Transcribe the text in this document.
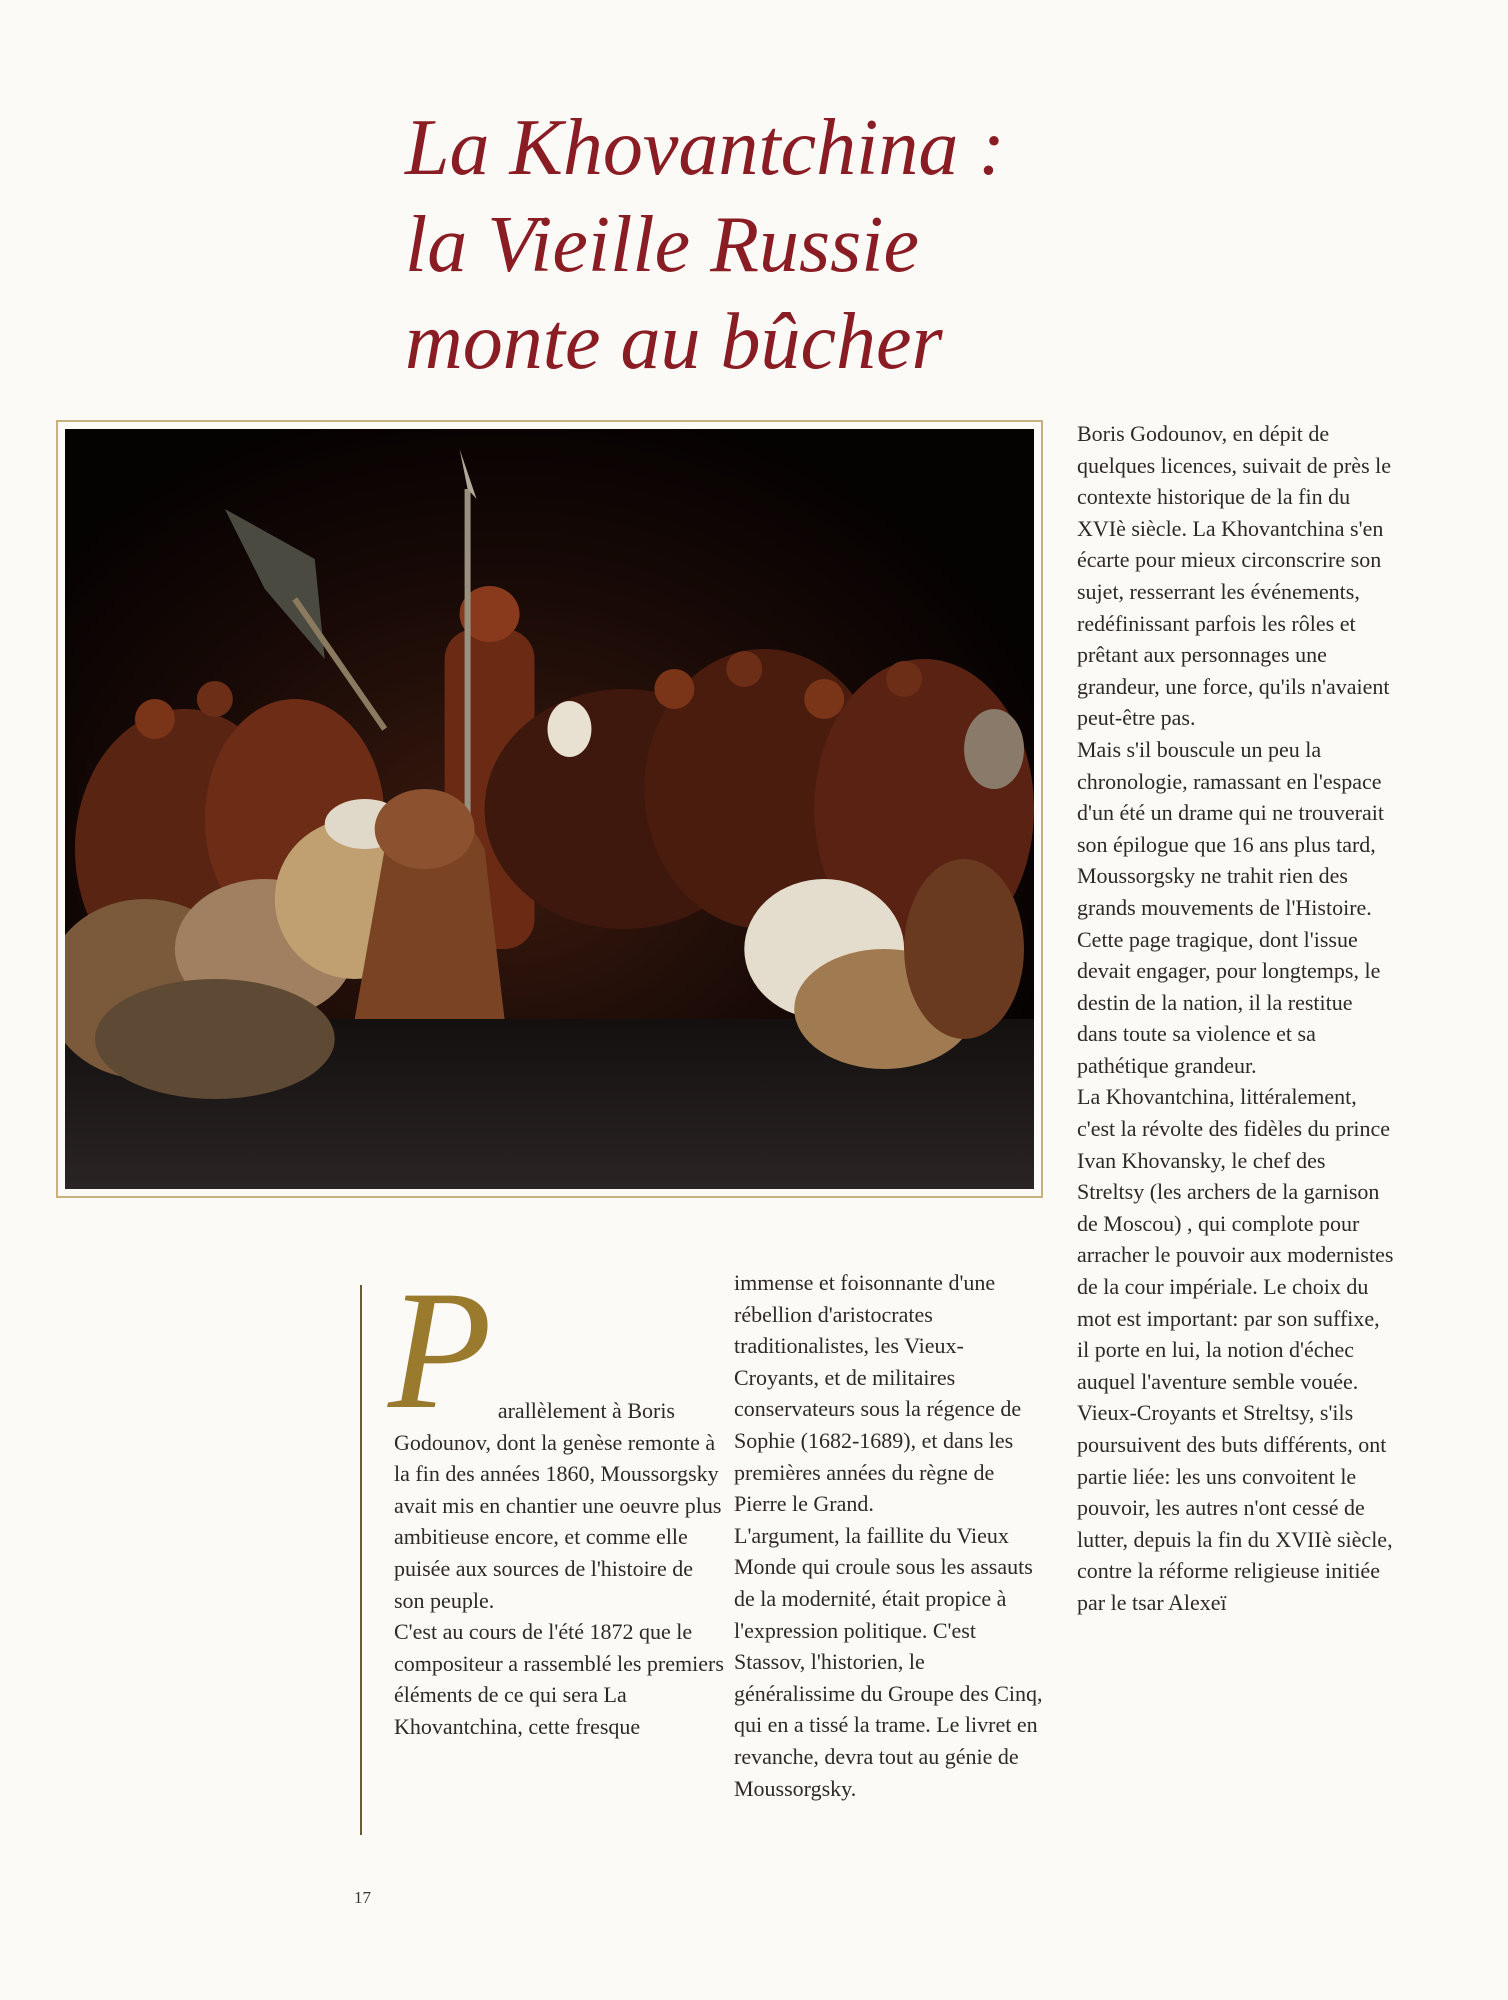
La Khovantchina :
la Vieille Russie
monte au bûcher

Boris Godounov, en dépit de quelques licences, suivait de près le contexte historique de la fin du XVIè siècle. La Khovantchina s'en écarte pour mieux circonscrire son sujet, resserrant les événements, redéfinissant parfois les rôles et prêtant aux personnages une grandeur, une force, qu'ils n'avaient peut-être pas.

Mais s'il bouscule un peu la chronologie, ramassant en l'espace d'un été un drame qui ne trouverait son épilogue que 16 ans plus tard, Moussorgsky ne trahit rien des grands mouvements de l'Histoire. Cette page tragique, dont l'issue devait engager, pour longtemps, le destin de la nation, il la restitue dans toute sa violence et sa pathétique grandeur.

La Khovantchina, littéralement, c'est la révolte des fidèles du prince Ivan Khovansky, le chef des Streltsy (les archers de la garnison de Moscou) , qui complote pour arracher le pouvoir aux modernistes de la cour impériale. Le choix du mot est important: par son suffixe, il porte en lui, la notion d'échec auquel l'aventure semble vouée. Vieux-Croyants et Streltsy, s'ils poursuivent des buts différents, ont partie liée: les uns convoitent le pouvoir, les autres n'ont cessé de lutter, depuis la fin du XVIIè siècle, contre la réforme religieuse initiée par le tsar Alexeï

P arallèlement à Boris Godounov, dont la genèse remonte à la fin des années 1860, Moussorgsky avait mis en chantier une oeuvre plus ambitieuse encore, et comme elle puisée aux sources de l'histoire de son peuple.

C'est au cours de l'été 1872 que le compositeur a rassemblé les premiers éléments de ce qui sera La Khovantchina, cette fresque

immense et foisonnante d'une rébellion d'aristocrates traditionalistes, les Vieux-Croyants, et de militaires conservateurs sous la régence de Sophie (1682-1689), et dans les premières années du règne de Pierre le Grand.

L'argument, la faillite du Vieux Monde qui croule sous les assauts de la modernité, était propice à l'expression politique. C'est Stassov, l'historien, le généralissime du Groupe des Cinq, qui en a tissé la trame. Le livret en revanche, devra tout au génie de Moussorgsky.

17
